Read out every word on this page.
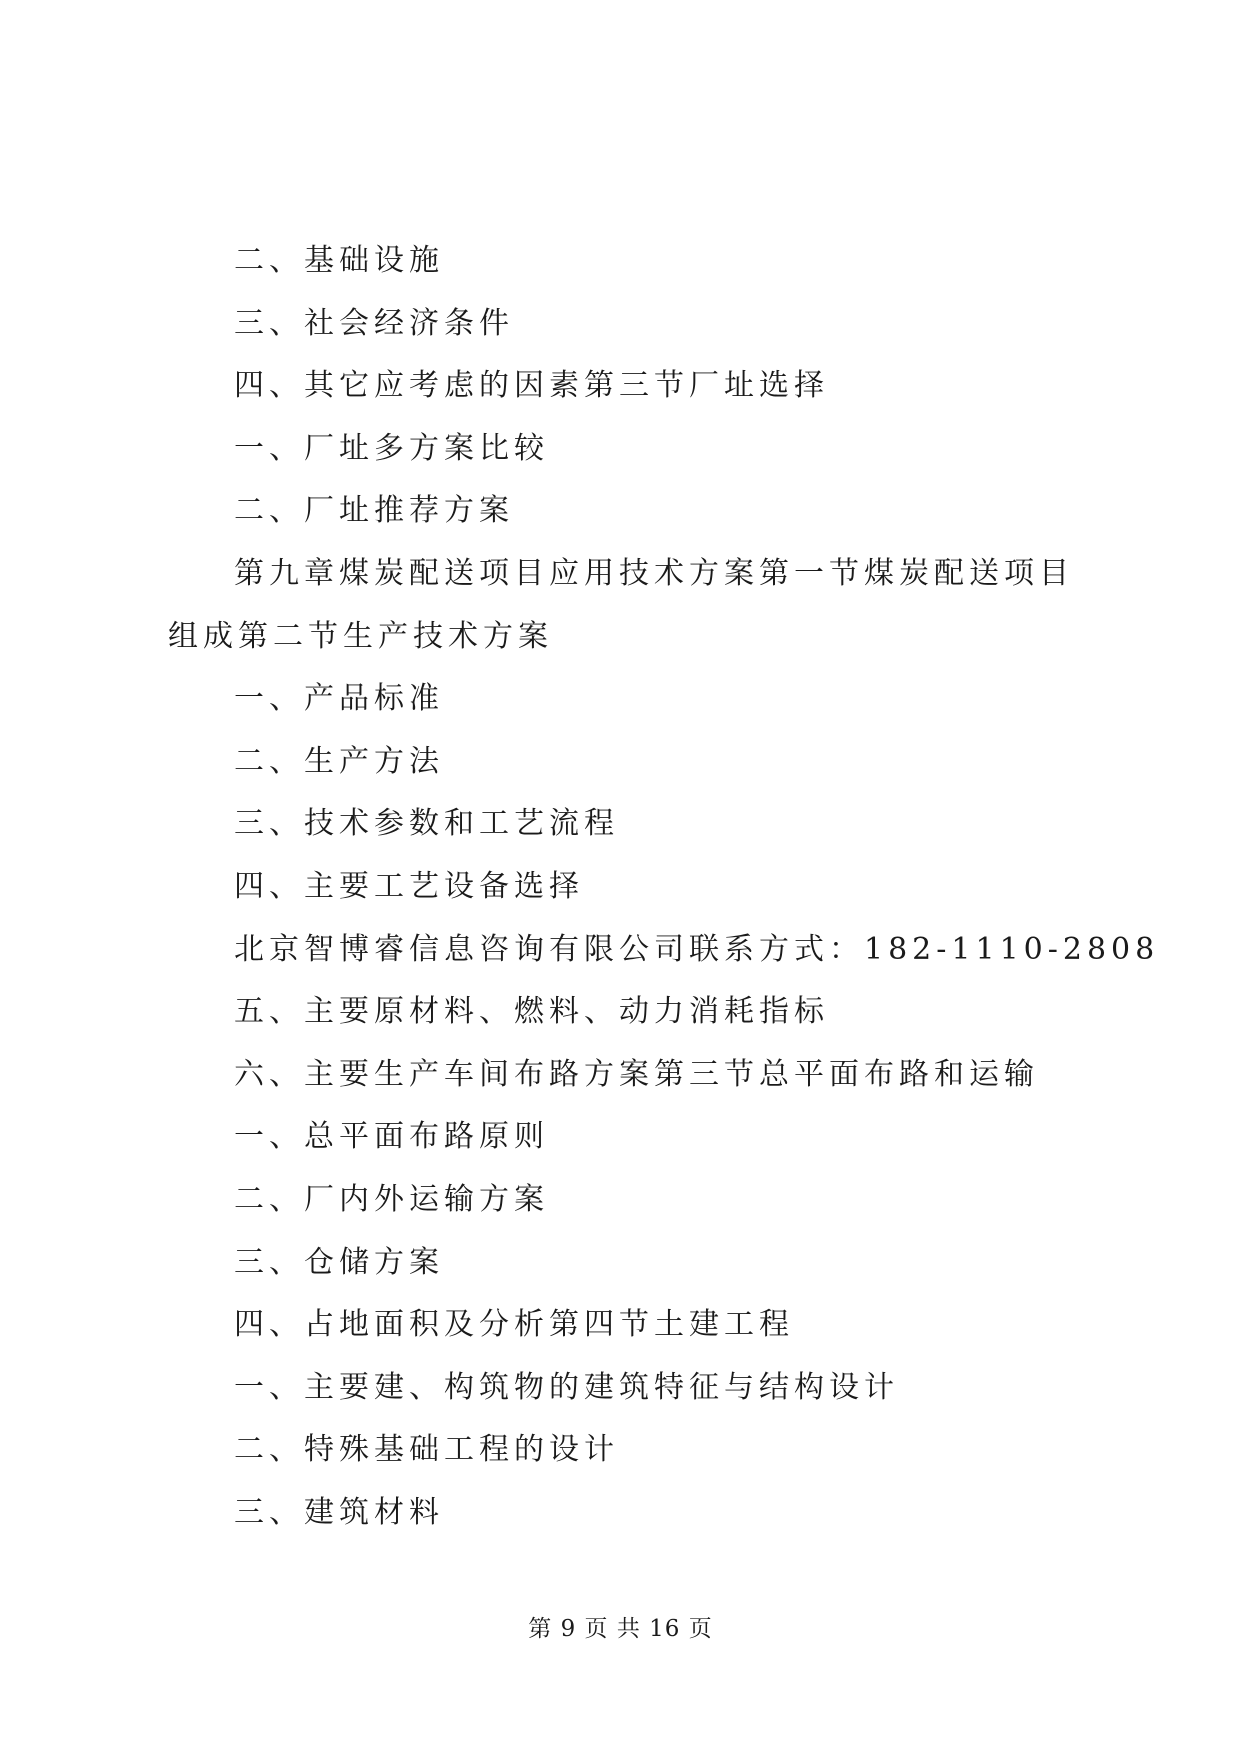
二、基础设施
三、社会经济条件
四、其它应考虑的因素第三节厂址选择
一、厂址多方案比较
二、厂址推荐方案
第九章煤炭配送项目应用技术方案第一节煤炭配送项目组成第二节生产技术方案
一、产品标准
二、生产方法
三、技术参数和工艺流程
四、主要工艺设备选择
北京智博睿信息咨询有限公司联系方式：182-1110-2808
五、主要原材料、燃料、动力消耗指标
六、主要生产车间布路方案第三节总平面布路和运输
一、总平面布路原则
二、厂内外运输方案
三、仓储方案
四、占地面积及分析第四节土建工程
一、主要建、构筑物的建筑特征与结构设计
二、特殊基础工程的设计
三、建筑材料
第 9 页 共 16 页
